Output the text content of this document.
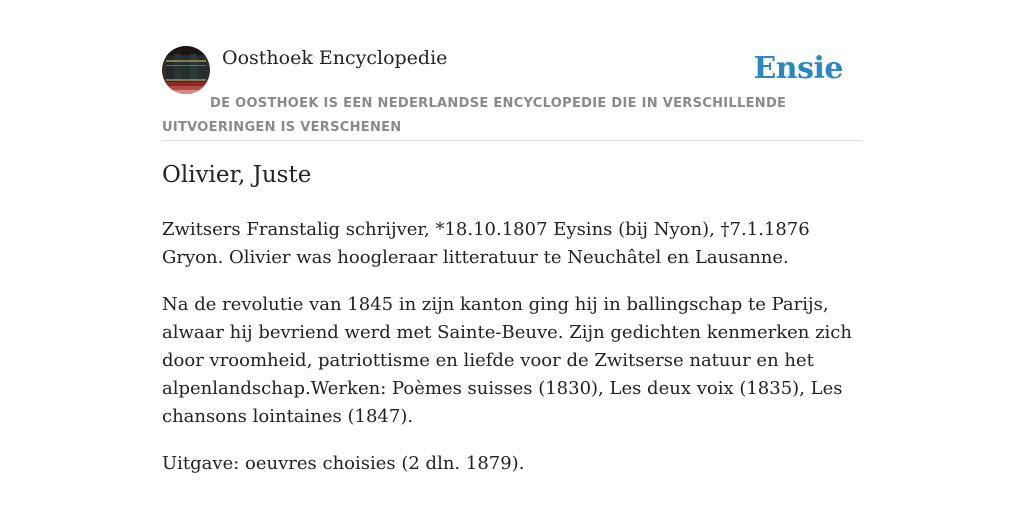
Oosthoek Encyclopedie	Ensie
DE OOSTHOEK IS EEN NEDERLANDSE ENCYCLOPEDIE DIE IN VERSCHILLENDE UITVOERINGEN IS VERSCHENEN
Olivier, Juste

Zwitsers Franstalig schrijver, *18.10.1807 Eysins (bij Nyon), †7.1.1876 Gryon. Olivier was hoogleraar litteratuur te Neuchâtel en Lausanne.

Na de revolutie van 1845 in zijn kanton ging hij in ballingschap te Parijs, alwaar hij bevriend werd met Sainte-Beuve. Zijn gedichten kenmerken zich door vroomheid, patriottisme en liefde voor de Zwitserse natuur en het alpenlandschap.Werken: Poèmes suisses (1830), Les deux voix (1835), Les chansons lointaines (1847).

Uitgave: oeuvres choisies (2 dln. 1879).
